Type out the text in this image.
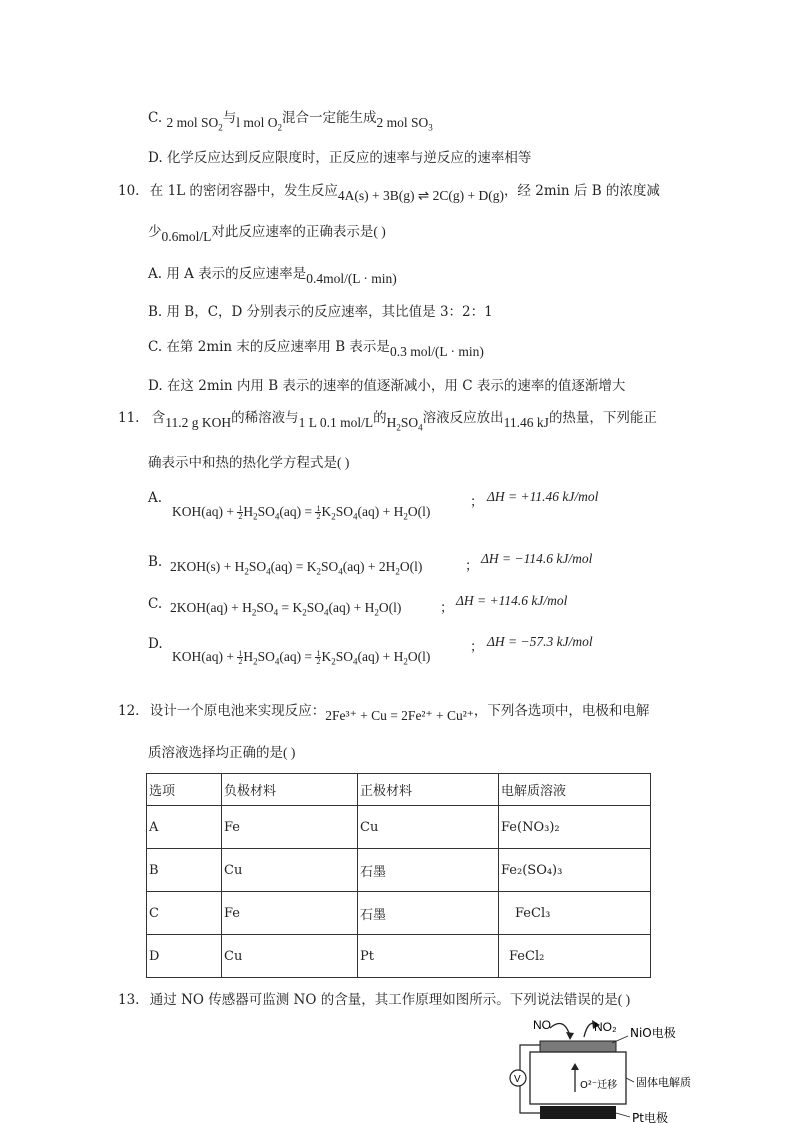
C. 2 mol $SO_2$与l mol $O_2$混合一定能生成2 mol $SO_3$
D. 化学反应达到反应限度时，正反应的速率与逆反应的速率相等
10. 在 1L 的密闭容器中，发生反应4A(s) + 3B(g) ⇌ 2C(g) + D(g)，经 2min 后 B 的浓度减
少0.6mol/L对此反应速率的正确表示是( )
A. 用 A 表示的反应速率是0.4mol/(L · min)
B. 用 B，C，D 分别表示的反应速率，其比值是 3：2：1
C. 在第 2min 末的反应速率用 B 表示是0.3 mol/(L · min)
D. 在这 2min 内用 B 表示的速率的值逐渐减小，用 C 表示的速率的值逐渐增大
11. 含11.2 g KOH的稀溶液与1 L 0.1 mol/L的$H_2SO_4$溶液反应放出11.46 kJ的热量，下列能正
确表示中和热的热化学方程式是( )
A.
$KOH(aq) + \frac{1}{2} H_2SO_4(aq) = \frac{1}{2} K_2SO_4(aq) + H_2O(l)$
； ΔH = +11.46 kJ/mol
B. $2KOH(s) + H_2SO_4(aq) = K_2SO_4(aq) + 2H_2O(l)$	； ΔH = −114.6 kJ/mol
C. $2KOH(aq) + H_2SO_4 = K_2SO_4(aq) + H_2O(l)$	； ΔH = +114.6 kJ/mol
D.
$KOH(aq) + \frac{1}{2} H_2SO_4(aq) = \frac{1}{2} K_2SO_4(aq) + H_2O(l)$
； ΔH = −57.3 kJ/mol
12. 设计一个原电池来实现反应：2Fe³⁺ + Cu = 2Fe²⁺ + Cu²⁺，下列各选项中，电极和电解
质溶液选择均正确的是( )
选项	负极材料	正极材料	电解质溶液
A	Fe	Cu	Fe(NO₃)₂
B	Cu	石墨	Fe₂(SO₄)₃
C	Fe	石墨	FeCl₃
D	Cu	Pt	FeCl₂
13. 通过 NO 传感器可监测 NO 的含量，其工作原理如图所示。下列说法错误的是( )
NO	NO₂ NiO电极
V
O²⁻迁移 固体电解质
Pt电极
